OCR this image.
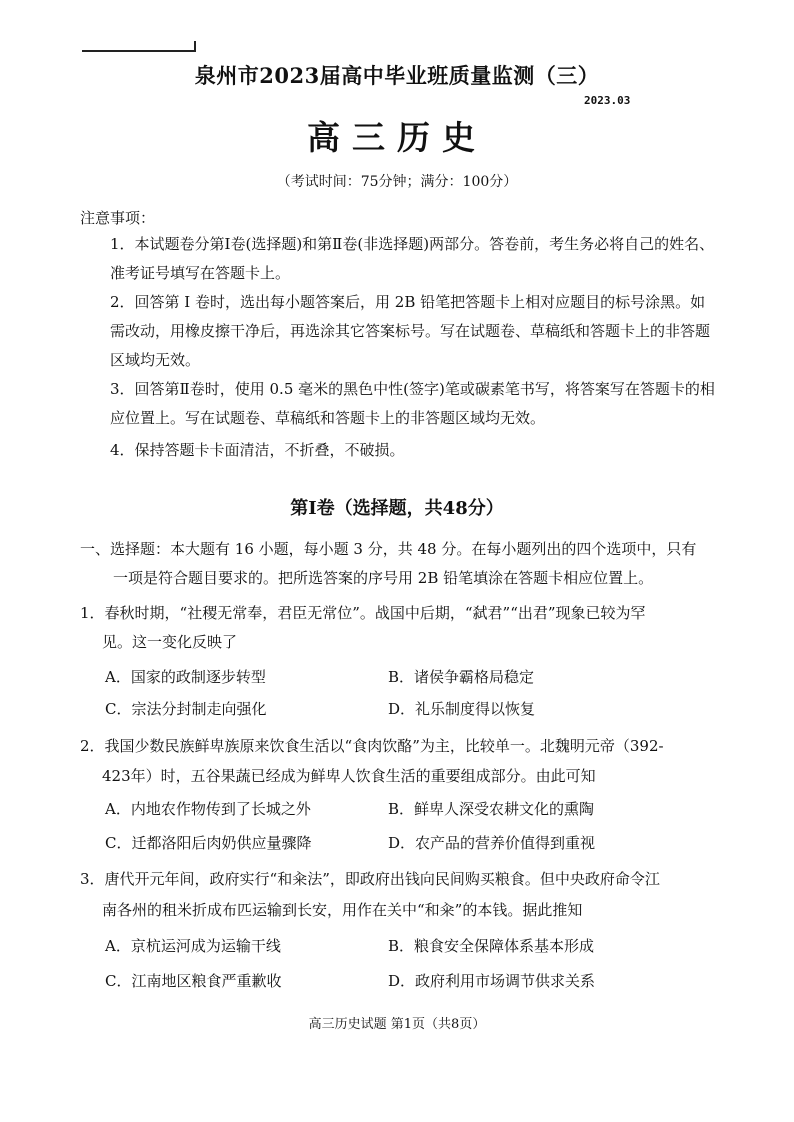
泉州市2023届高中毕业班质量监测（三）
2023.03
高三历史
（考试时间：75分钟；满分：100分）
注意事项：
1．本试题卷分第Ⅰ卷(选择题)和第Ⅱ卷(非选择题)两部分。答卷前，考生务必将自己的姓名、准考证号填写在答题卡上。
2．回答第 Ⅰ 卷时，选出每小题答案后，用 2B 铅笔把答题卡上相对应题目的标号涂黑。如需改动，用橡皮擦干净后，再选涂其它答案标号。写在试题卷、草稿纸和答题卡上的非答题区域均无效。
3．回答第Ⅱ卷时，使用 0.5 毫米的黑色中性(签字)笔或碳素笔书写，将答案写在答题卡的相应位置上。写在试题卷、草稿纸和答题卡上的非答题区域均无效。
4．保持答题卡卡面清洁，不折叠，不破损。
第Ⅰ卷（选择题，共48分）
一、选择题：本大题有 16 小题，每小题 3 分，共 48 分。在每小题列出的四个选项中，只有
一项是符合题目要求的。把所选答案的序号用 2B 铅笔填涂在答题卡相应位置上。
1．春秋时期，“社稷无常奉，君臣无常位”。战国中后期，“弑君”“出君”现象已较为罕
见。这一变化反映了
A．国家的政制逐步转型	B．诸侯争霸格局稳定
C．宗法分封制走向强化	D．礼乐制度得以恢复
2．我国少数民族鲜卑族原来饮食生活以“食肉饮酪”为主，比较单一。北魏明元帝（392-
423年）时，五谷果蔬已经成为鲜卑人饮食生活的重要组成部分。由此可知
A．内地农作物传到了长城之外	B．鲜卑人深受农耕文化的熏陶
C．迁都洛阳后肉奶供应量骤降	D．农产品的营养价值得到重视
3．唐代开元年间，政府实行“和籴法”，即政府出钱向民间购买粮食。但中央政府命令江
南各州的租米折成布匹运输到长安，用作在关中“和籴”的本钱。据此推知
A．京杭运河成为运输干线	B．粮食安全保障体系基本形成
C．江南地区粮食严重歉收	D．政府利用市场调节供求关系
高三历史试题 第1页（共8页）
